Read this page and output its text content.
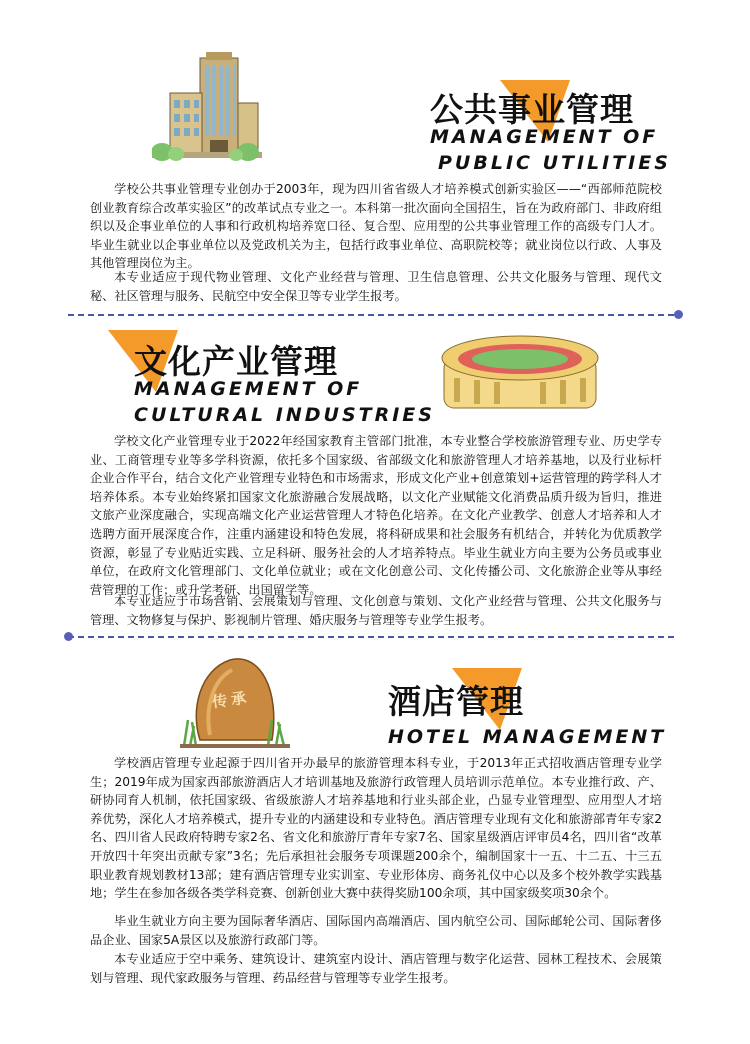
公共事业管理
MANAGEMENT OF
PUBLIC UTILITIES

学校公共事业管理专业创办于2003年，现为四川省省级人才培养模式创新实验区——“西部师范院校创业教育综合改革实验区”的改革试点专业之一。本科第一批次面向全国招生，旨在为政府部门、非政府组织以及企事业单位的人事和行政机构培养宽口径、复合型、应用型的公共事业管理工作的高级专门人才。毕业生就业以企事业单位以及党政机关为主，包括行政事业单位、高职院校等；就业岗位以行政、人事及其他管理岗位为主。

本专业适应于现代物业管理、文化产业经营与管理、卫生信息管理、公共文化服务与管理、现代文秘、社区管理与服务、民航空中安全保卫等专业学生报考。

文化产业管理
MANAGEMENT OF
CULTURAL INDUSTRIES

学校文化产业管理专业于2022年经国家教育主管部门批准，本专业整合学校旅游管理专业、历史学专业、工商管理专业等多学科资源，依托多个国家级、省部级文化和旅游管理人才培养基地，以及行业标杆企业合作平台，结合文化产业管理专业特色和市场需求，形成文化产业+创意策划+运营管理的跨学科人才培养体系。本专业始终紧扣国家文化旅游融合发展战略，以文化产业赋能文化消费品质升级为旨归，推进文旅产业深度融合，实现高端文化产业运营管理人才特色化培养。在文化产业教学、创意人才培养和人才选聘方面开展深度合作，注重内涵建设和特色发展，将科研成果和社会服务有机结合，并转化为优质教学资源，彰显了专业贴近实践、立足科研、服务社会的人才培养特点。毕业生就业方向主要为公务员或事业单位，在政府文化管理部门、文化单位就业；或在文化创意公司、文化传播公司、文化旅游企业等从事经营管理的工作；或升学考研、出国留学等。

本专业适应于市场营销、会展策划与管理、文化创意与策划、文化产业经营与管理、公共文化服务与管理、文物修复与保护、影视制片管理、婚庆服务与管理等专业学生报考。

传承	酒店管理
HOTEL MANAGEMENT

学校酒店管理专业起源于四川省开办最早的旅游管理本科专业，于2013年正式招收酒店管理专业学生；2019年成为国家西部旅游酒店人才培训基地及旅游行政管理人员培训示范单位。本专业推行政、产、研协同育人机制，依托国家级、省级旅游人才培养基地和行业头部企业，凸显专业管理型、应用型人才培养优势，深化人才培养模式，提升专业的内涵建设和专业特色。酒店管理专业现有文化和旅游部青年专家2名、四川省人民政府特聘专家2名、省文化和旅游厅青年专家7名、国家星级酒店评审员4名，四川省“改革开放四十年突出贡献专家”3名；先后承担社会服务专项课题200余个，编制国家十一五、十二五、十三五职业教育规划教材13部；建有酒店管理专业实训室、专业形体房、商务礼仪中心以及多个校外教学实践基地；学生在参加各级各类学科竞赛、创新创业大赛中获得奖励100余项，其中国家级奖项30余个。

毕业生就业方向主要为国际奢华酒店、国际国内高端酒店、国内航空公司、国际邮轮公司、国际奢侈品企业、国家5A景区以及旅游行政部门等。

本专业适应于空中乘务、建筑设计、建筑室内设计、酒店管理与数字化运营、园林工程技术、会展策划与管理、现代家政服务与管理、药品经营与管理等专业学生报考。
